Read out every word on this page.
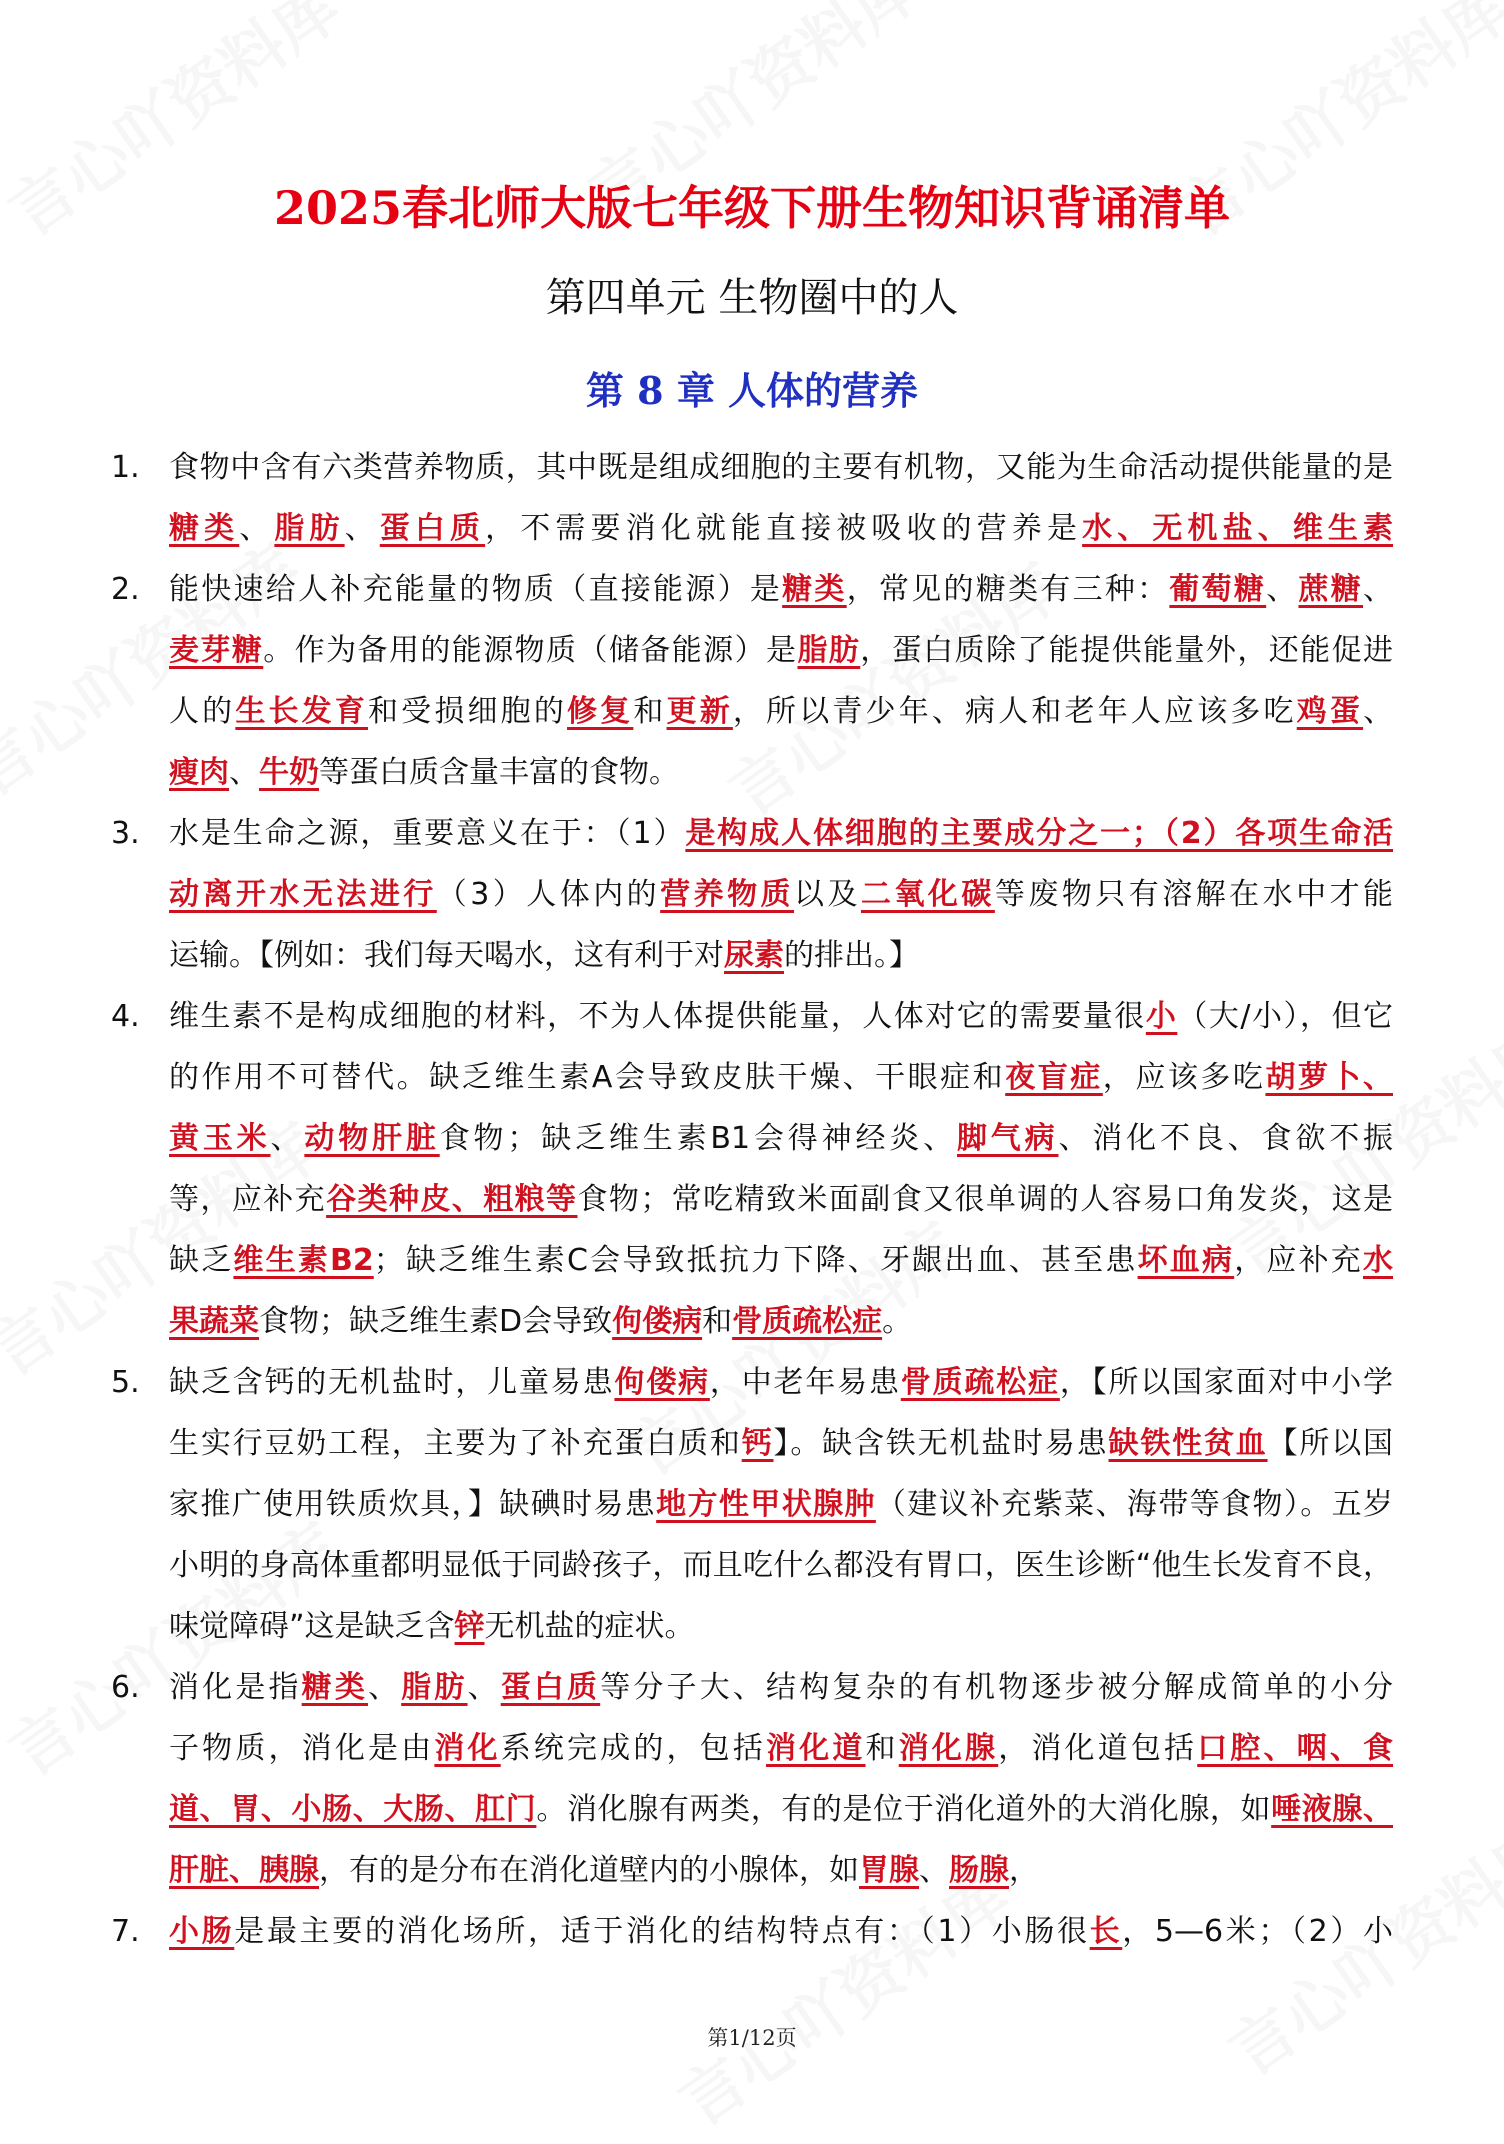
2025春北师大版七年级下册生物知识背诵清单
第四单元 生物圈中的人
第 8 章 人体的营养
1. 食物中含有六类营养物质，其中既是组成细胞的主要有机物，又能为生命活动提供能量的是
糖类、脂肪、蛋白质，不需要消化就能直接被吸收的营养是水、无机盐、维生素
2. 能快速给人补充能量的物质（直接能源）是糖类，常见的糖类有三种：葡萄糖、蔗糖、
麦芽糖。作为备用的能源物质（储备能源）是脂肪，蛋白质除了能提供能量外，还能促进
人的生长发育和受损细胞的修复和更新，所以青少年、病人和老年人应该多吃鸡蛋、
瘦肉、牛奶等蛋白质含量丰富的食物。
3. 水是生命之源，重要意义在于：（1）是构成人体细胞的主要成分之一；（2）各项生命活
动离开水无法进行（3）人体内的营养物质以及二氧化碳等废物只有溶解在水中才能
运输。【例如：我们每天喝水，这有利于对尿素的排出。】
4. 维生素不是构成细胞的材料，不为人体提供能量，人体对它的需要量很小（大/小），但它
的作用不可替代。缺乏维生素A会导致皮肤干燥、干眼症和夜盲症，应该多吃胡萝卜、
黄玉米、动物肝脏食物；缺乏维生素B1会得神经炎、脚气病、消化不良、食欲不振
等，应补充谷类种皮、粗粮等食物；常吃精致米面副食又很单调的人容易口角发炎，这是
缺乏维生素B2；缺乏维生素C会导致抵抗力下降、牙龈出血、甚至患坏血病，应补充水
果蔬菜食物；缺乏维生素D会导致佝偻病和骨质疏松症。
5. 缺乏含钙的无机盐时，儿童易患佝偻病，中老年易患骨质疏松症，【所以国家面对中小学
生实行豆奶工程，主要为了补充蛋白质和钙】。缺含铁无机盐时易患缺铁性贫血【所以国
家推广使用铁质炊具，】缺碘时易患地方性甲状腺肿（建议补充紫菜、海带等食物）。五岁
小明的身高体重都明显低于同龄孩子，而且吃什么都没有胃口，医生诊断“他生长发育不良，
味觉障碍”这是缺乏含锌无机盐的症状。
6. 消化是指糖类、脂肪、蛋白质等分子大、结构复杂的有机物逐步被分解成简单的小分
子物质，消化是由消化系统完成的，包括消化道和消化腺，消化道包括口腔、咽、食
道、胃、小肠、大肠、肛门。消化腺有两类，有的是位于消化道外的大消化腺，如唾液腺、
肝脏、胰腺，有的是分布在消化道壁内的小腺体，如胃腺、肠腺，
7. 小肠是最主要的消化场所，适于消化的结构特点有：（1）小肠很长，5—6米；（2）小
第1/12页
